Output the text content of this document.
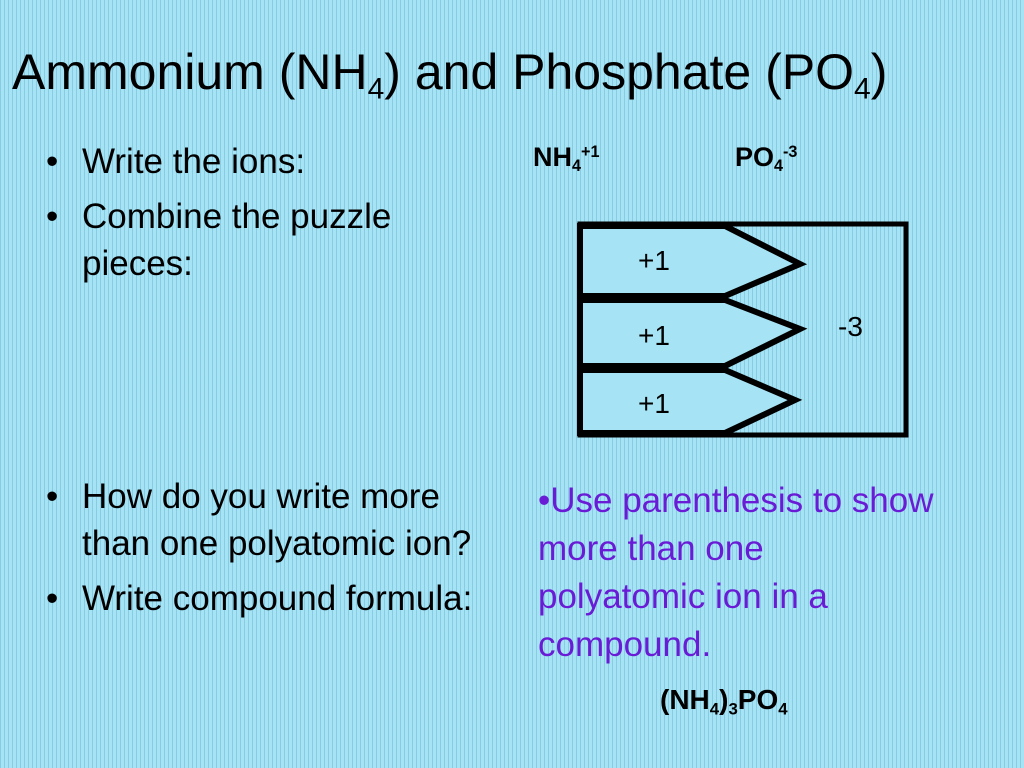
Ammonium $(NH_4)$ and Phosphate $(PO_4)$
• Write the ions:
• Combine the puzzle pieces:
$NH_4^{+1}$	$PO_4^{-3}$
+1
+1
+1
-3
• How do you write more than one polyatomic ion?
• Write compound formula:
•Use parenthesis to show more than one polyatomic ion in a compound.
$(NH_4)_3PO_4$
